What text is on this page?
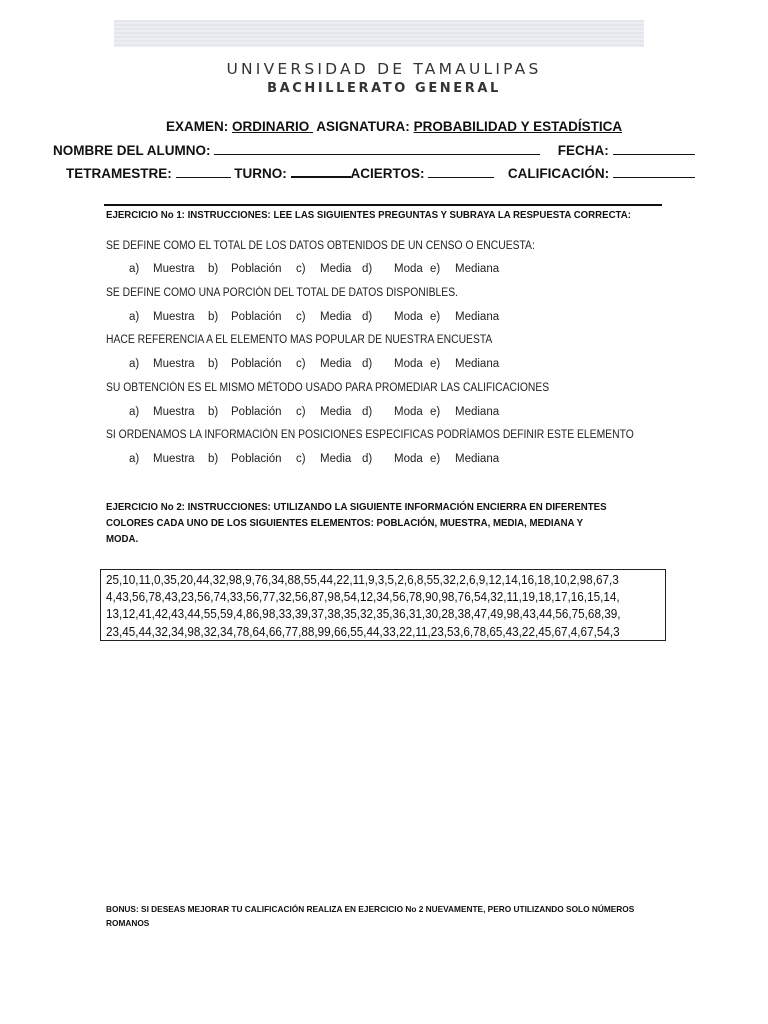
UNIVERSIDAD DE TAMAULIPAS
BACHILLERATO GENERAL
EXAMEN: ORDINARIO ASIGNATURA: PROBABILIDAD Y ESTADÍSTICA
NOMBRE DEL ALUMNO:	FECHA:
TETRAMESTRE:	TURNO:	ACIERTOS:	CALIFICACIÓN:
EJERCICIO No 1: INSTRUCCIONES: LEE LAS SIGUIENTES PREGUNTAS Y SUBRAYA LA RESPUESTA CORRECTA:
SE DEFINE COMO EL TOTAL DE LOS DATOS OBTENIDOS DE UN CENSO O ENCUESTA:
a)	Muestra	b)	Población	c)	Media d)	Moda e)	Mediana
SE DEFINE COMO UNA PORCIÓN DEL TOTAL DE DATOS DISPONIBLES.
a)	Muestra	b)	Población	c)	Media d)	Moda e)	Mediana
HACE REFERENCIA A EL ELEMENTO MAS POPULAR DE NUESTRA ENCUESTA
a)	Muestra	b)	Población	c)	Media d)	Moda e)	Mediana
SU OBTENCIÓN ES EL MISMO MÉTODO USADO PARA PROMEDIAR LAS CALIFICACIONES
a)	Muestra	b)	Población	c)	Media d)	Moda e)	Mediana
SI ORDENAMOS LA INFORMACIÓN EN POSICIONES ESPECIFICAS PODRÍAMOS DEFINIR ESTE ELEMENTO
a)	Muestra	b)	Población	c)	Media d)	Moda e)	Mediana
EJERCICIO No 2: INSTRUCCIONES: UTILIZANDO LA SIGUIENTE INFORMACIÓN ENCIERRA EN DIFERENTES
COLORES CADA UNO DE LOS SIGUIENTES ELEMENTOS: POBLACIÓN, MUESTRA, MEDIA, MEDIANA Y
MODA.
25,10,11,0,35,20,44,32,98,9,76,34,88,55,44,22,11,9,3,5,2,6,8,55,32,2,6,9,12,14,16,18,10,2,98,67,3
4,43,56,78,43,23,56,74,33,56,77,32,56,87,98,54,12,34,56,78,90,98,76,54,32,11,19,18,17,16,15,14,
13,12,41,42,43,44,55,59,4,86,98,33,39,37,38,35,32,35,36,31,30,28,38,47,49,98,43,44,56,75,68,39,
23,45,44,32,34,98,32,34,78,64,66,77,88,99,66,55,44,33,22,11,23,53,6,78,65,43,22,45,67,4,67,54,3
BONUS: SI DESEAS MEJORAR TU CALIFICACIÓN REALIZA EN EJERCICIO No 2 NUEVAMENTE, PERO UTILIZANDO SOLO NÚMEROS
ROMANOS
